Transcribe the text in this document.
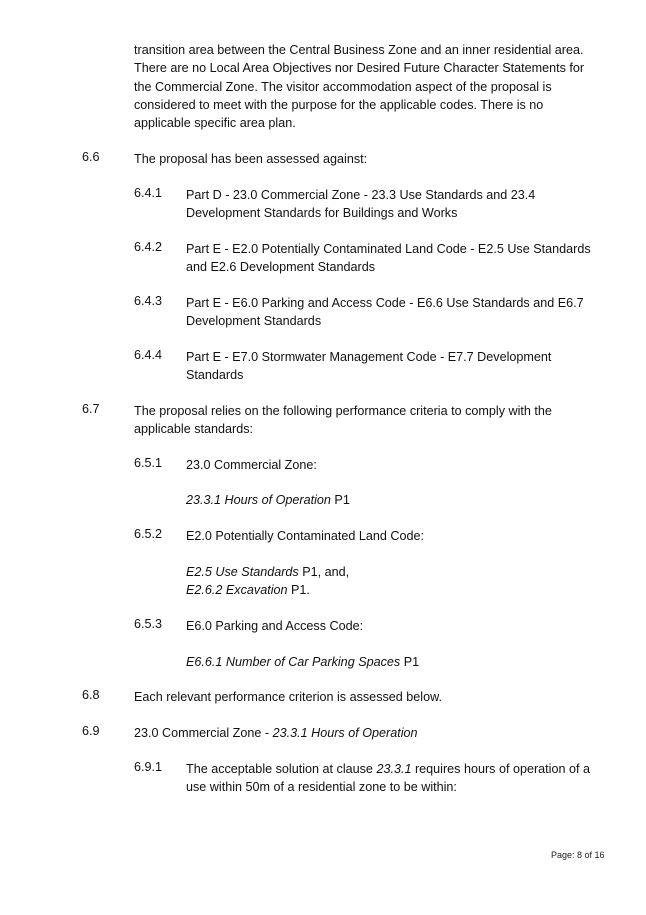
transition area between the Central Business Zone and an inner residential area.
There are no Local Area Objectives nor Desired Future Character Statements for
the Commercial Zone. The visitor accommodation aspect of the proposal is
considered to meet with the purpose for the applicable codes. There is no
applicable specific area plan.
6.6	The proposal has been assessed against:
6.4.1 Part D - 23.0 Commercial Zone - 23.3 Use Standards and 23.4
Development Standards for Buildings and Works
6.4.2 Part E - E2.0 Potentially Contaminated Land Code - E2.5 Use Standards
and E2.6 Development Standards
6.4.3 Part E - E6.0 Parking and Access Code - E6.6 Use Standards and E6.7
Development Standards
6.4.4 Part E - E7.0 Stormwater Management Code - E7.7 Development
Standards
6.7	The proposal relies on the following performance criteria to comply with the
applicable standards:
6.5.1 23.0 Commercial Zone:
23.3.1 Hours of Operation P1
6.5.2 E2.0 Potentially Contaminated Land Code:
E2.5 Use Standards P1, and,
E2.6.2 Excavation P1.
6.5.3 E6.0 Parking and Access Code:
E6.6.1 Number of Car Parking Spaces P1
6.8	Each relevant performance criterion is assessed below.
6.9	23.0 Commercial Zone - 23.3.1 Hours of Operation
6.9.1 The acceptable solution at clause 23.3.1 requires hours of operation of a
use within 50m of a residential zone to be within:
Page: 8 of 16
